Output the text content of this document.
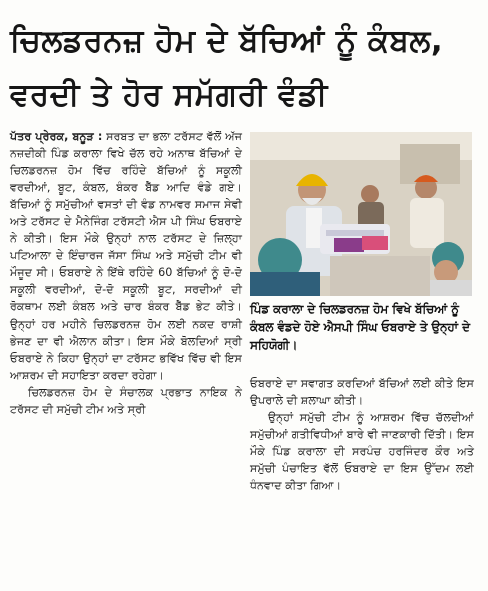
ਚਿਲਡਰਨਜ਼ ਹੋਮ ਦੇ ਬੱਚਿਆਂ ਨੂੰ ਕੰਬਲ, ਵਰਦੀ ਤੇ ਹੋਰ ਸਮੱਗਰੀ ਵੰਡੀ

ਪੱਤਰ ਪ੍ਰੇਰਕ, ਬਨੂੜ : ਸਰਬਤ ਦਾ ਭਲਾ ਟਰੱਸਟ ਵੱਲੋਂ ਅੱਜ ਨਜ਼ਦੀਕੀ ਪਿੰਡ ਕਰਾਲਾ ਵਿਖੇ ਚੱਲ ਰਹੇ ਅਨਾਥ ਬੱਚਿਆਂ ਦੇ ਚਿਲਡਰਨਜ਼ ਹੋਮ ਵਿੱਚ ਰਹਿੰਦੇ ਬੱਚਿਆਂ ਨੂੰ ਸਕੂਲੀ ਵਰਦੀਆਂ, ਬੂਟ, ਕੰਬਲ, ਬੰਕਰ ਬੈੱਡ ਆਦਿ ਵੰਡੇ ਗਏ। ਬੱਚਿਆਂ ਨੂੰ ਸਮੁੱਚੀਆਂ ਵਸਤਾਂ ਦੀ ਵੰਡ ਨਾਮਵਰ ਸਮਾਜ ਸੇਵੀ ਅਤੇ ਟਰੱਸਟ ਦੇ ਮੈਨੇਜਿੰਗ ਟਰੱਸਟੀ ਐਸ ਪੀ ਸਿੰਘ ਓਬਰਾਏ ਨੇ ਕੀਤੀ। ਇਸ ਮੌਕੇ ਉਨ੍ਹਾਂ ਨਾਲ ਟਰੱਸਟ ਦੇ ਜ਼ਿਲ੍ਹਾ ਪਟਿਆਲਾ ਦੇ ਇੰਚਾਰਜ ਜੱਸਾ ਸਿੰਘ ਅਤੇ ਸਮੁੱਚੀ ਟੀਮ ਵੀ ਮੌਜੂਦ ਸੀ। ਓਬਰਾਏ ਨੇ ਇੱਥੇ ਰਹਿੰਦੇ 60 ਬੱਚਿਆਂ ਨੂੰ ਦੋ-ਦੋ ਸਕੂਲੀ ਵਰਦੀਆਂ, ਦੋ-ਦੋ ਸਕੂਲੀ ਬੂਟ, ਸਰਦੀਆਂ ਦੀ ਰੋਕਥਾਮ ਲਈ ਕੰਬਲ ਅਤੇ ਚਾਰ ਬੰਕਰ ਬੈੱਡ ਭੇਟ ਕੀਤੇ। ਉਨ੍ਹਾਂ ਹਰ ਮਹੀਨੇ ਚਿਲਡਰਨਜ਼ ਹੋਮ ਲਈ ਨਕਦ ਰਾਸ਼ੀ ਭੇਜਣ ਦਾ ਵੀ ਐਲਾਨ ਕੀਤਾ। ਇਸ ਮੌਕੇ ਬੋਲਦਿਆਂ ਸ੍ਰੀ ਓਬਰਾਏ ਨੇ ਕਿਹਾ ਉਨ੍ਹਾਂ ਦਾ ਟਰੱਸਟ ਭਵਿੱਖ ਵਿੱਚ ਵੀ ਇਸ ਆਸ਼ਰਮ ਦੀ ਸਹਾਇਤਾ ਕਰਦਾ ਰਹੇਗਾ।

ਚਿਲਡਰਨਜ਼ ਹੋਮ ਦੇ ਸੰਚਾਲਕ ਪ੍ਰਭਾਤ ਨਾਇਕ ਨੇ ਟਰੱਸਟ ਦੀ ਸਮੁੱਚੀ ਟੀਮ ਅਤੇ ਸ੍ਰੀ

ਪਿੰਡ ਕਰਾਲਾ ਦੇ ਚਿਲਡਰਨਜ਼ ਹੋਮ ਵਿਖੇ ਬੱਚਿਆਂ ਨੂੰ ਕੰਬਲ ਵੰਡਦੇ ਹੋਏ ਐਸਪੀ ਸਿੰਘ ਓਬਰਾਏ ਤੇ ਉਨ੍ਹਾਂ ਦੇ ਸਹਿਯੋਗੀ।

ਓਬਰਾਏ ਦਾ ਸਵਾਗਤ ਕਰਦਿਆਂ ਬੱਚਿਆਂ ਲਈ ਕੀਤੇ ਇਸ ਉਪਰਾਲੇ ਦੀ ਸ਼ਲਾਘਾ ਕੀਤੀ।

ਉਨ੍ਹਾਂ ਸਮੁੱਚੀ ਟੀਮ ਨੂੰ ਆਸ਼ਰਮ ਵਿੱਚ ਚੱਲਦੀਆਂ ਸਮੁੱਚੀਆਂ ਗਤੀਵਿਧੀਆਂ ਬਾਰੇ ਵੀ ਜਾਣਕਾਰੀ ਦਿੱਤੀ। ਇਸ ਮੌਕੇ ਪਿੰਡ ਕਰਾਲਾ ਦੀ ਸਰਪੰਚ ਹਰਜਿੰਦਰ ਕੌਰ ਅਤੇ ਸਮੁੱਚੀ ਪੰਚਾਇਤ ਵੱਲੋਂ ਓਬਰਾਏ ਦਾ ਇਸ ਉੱਦਮ ਲਈ ਧੰਨਵਾਦ ਕੀਤਾ ਗਿਆ।
